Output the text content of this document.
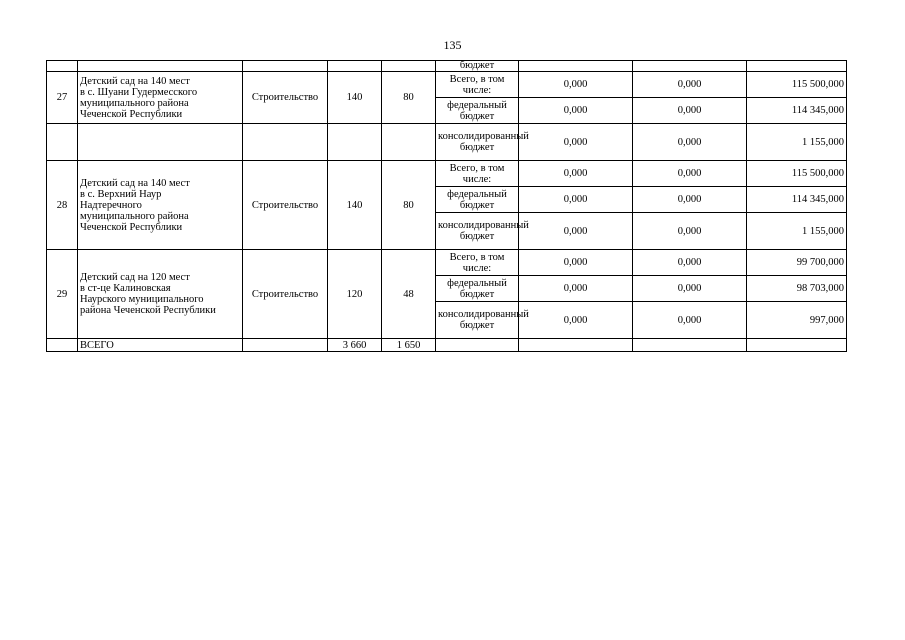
135

					бюджет			

27	Детский сад на 140 мест
в с. Шуани Гудермесского
муниципального района
Чеченской Республики	Строительство	140	80	Всего, в том числе:	0,000	0,000	115 500,000
					федеральный бюджет	0,000	0,000	114 345,000
					консолидированный бюджет	0,000	0,000	1 155,000
28	Детский сад на 140 мест
в с. Верхний Наур
Надтеречного
муниципального района
Чеченской Республики	Строительство	140	80	Всего, в том числе:	0,000	0,000	115 500,000
					федеральный бюджет	0,000	0,000	114 345,000
					консолидированный бюджет	0,000	0,000	1 155,000
29	Детский сад на 120 мест
в ст-це Калиновская
Наурского муниципального
района Чеченской Республики	Строительство	120	48	Всего, в том числе:	0,000	0,000	99 700,000
					федеральный бюджет	0,000	0,000	98 703,000
					консолидированный бюджет	0,000	0,000	997,000
	ВСЕГО		3 660	1 650				
